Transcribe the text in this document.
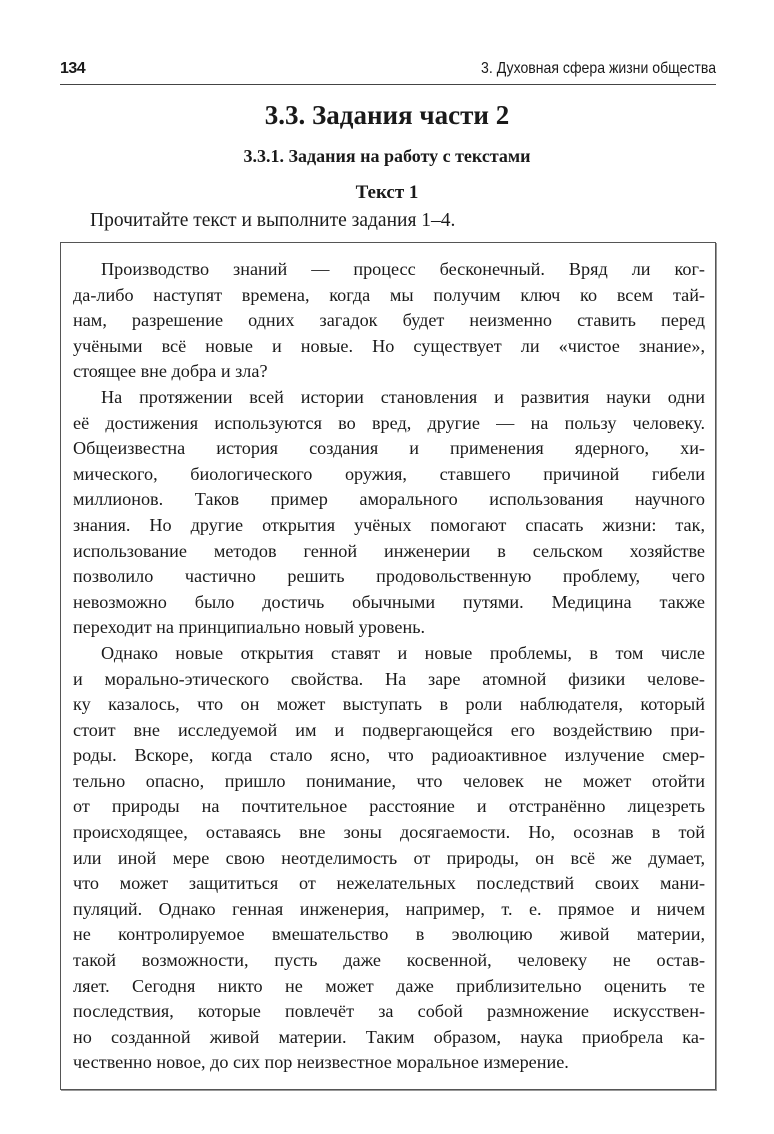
134	3. Духовная сфера жизни общества
3.3. Задания части 2
3.3.1. Задания на работу с текстами
Текст 1
Прочитайте текст и выполните задания 1–4.
Производство знаний — процесс бесконечный. Вряд ли ког-
да-либо наступят времена, когда мы получим ключ ко всем тай-
нам, разрешение одних загадок будет неизменно ставить перед
учёными всё новые и новые. Но существует ли «чистое знание»,
стоящее вне добра и зла?
На протяжении всей истории становления и развития науки одни
её достижения используются во вред, другие — на пользу человеку.
Общеизвестна история создания и применения ядерного, хи-
мического, биологического оружия, ставшего причиной гибели
миллионов. Таков пример аморального использования научного
знания. Но другие открытия учёных помогают спасать жизни: так,
использование методов генной инженерии в сельском хозяйстве
позволило частично решить продовольственную проблему, чего
невозможно было достичь обычными путями. Медицина также
переходит на принципиально новый уровень.
Однако новые открытия ставят и новые проблемы, в том числе
и морально-этического свойства. На заре атомной физики челове-
ку казалось, что он может выступать в роли наблюдателя, который
стоит вне исследуемой им и подвергающейся его воздействию при-
роды. Вскоре, когда стало ясно, что радиоактивное излучение смер-
тельно опасно, пришло понимание, что человек не может отойти
от природы на почтительное расстояние и отстранённо лицезреть
происходящее, оставаясь вне зоны досягаемости. Но, осознав в той
или иной мере свою неотделимость от природы, он всё же думает,
что может защититься от нежелательных последствий своих мани-
пуляций. Однако генная инженерия, например, т. е. прямое и ничем
не контролируемое вмешательство в эволюцию живой материи,
такой возможности, пусть даже косвенной, человеку не остав-
ляет. Сегодня никто не может даже приблизительно оценить те
последствия, которые повлечёт за собой размножение искусствен-
но созданной живой материи. Таким образом, наука приобрела ка-
чественно новое, до сих пор неизвестное моральное измерение.
